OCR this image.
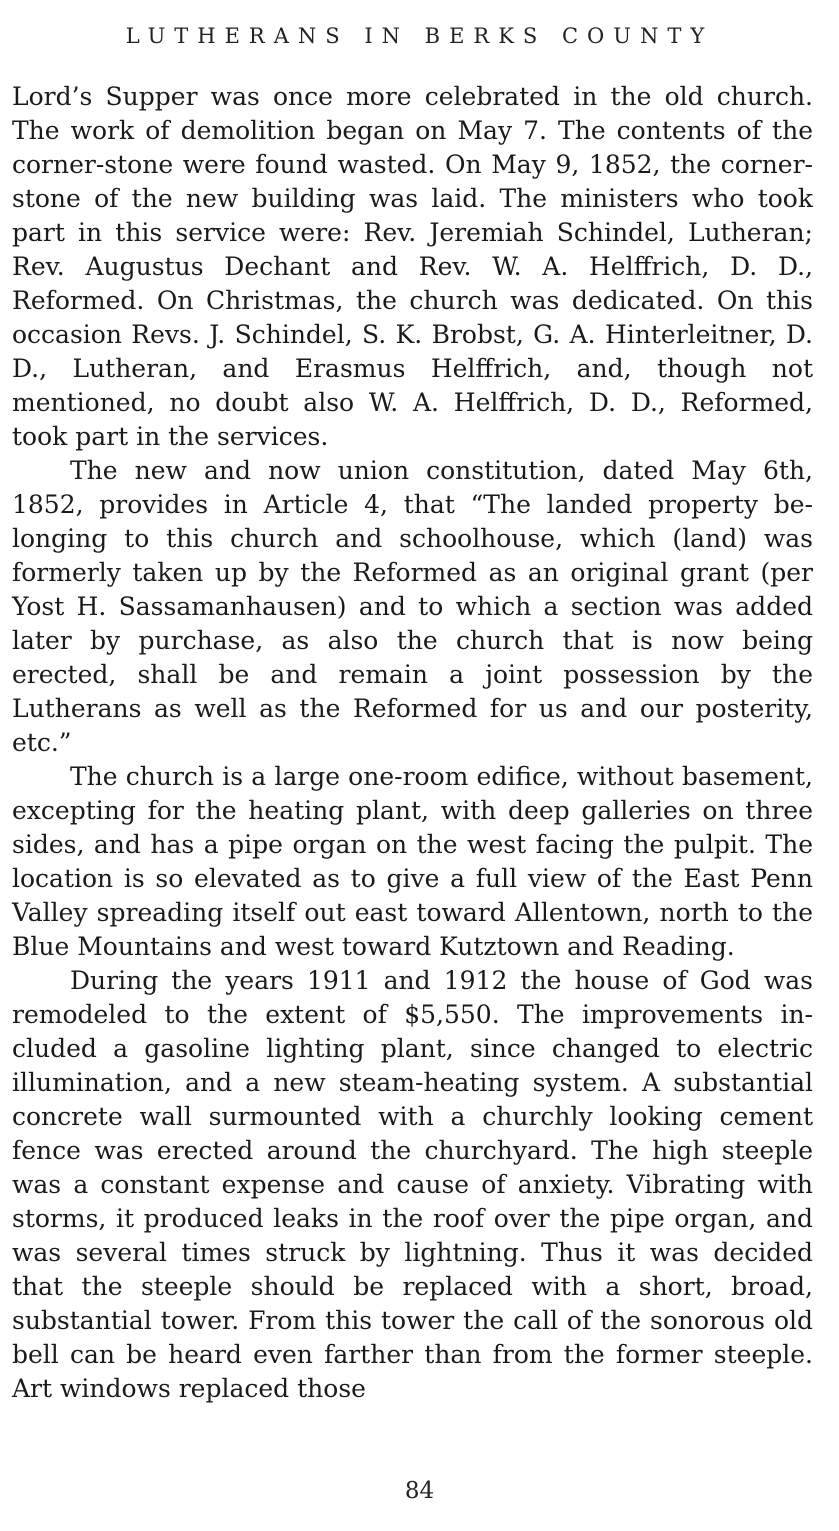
LUTHERANS IN BERKS COUNTY

Lord’s Supper was once more celebrated in the old church. The work of demolition began on May 7. The contents of the corner-stone were found wasted. On May 9, 1852, the corner-stone of the new building was laid. The ministers who took part in this service were: Rev. Jeremiah Schindel, Lutheran; Rev. Augustus Dechant and Rev. W. A. Helffrich, D. D., Reformed. On Christmas, the church was dedicated. On this occasion Revs. J. Schindel, S. K. Brobst, G. A. Hinterleitner, D. D., Lutheran, and Erasmus Helffrich, and, though not mentioned, no doubt also W. A. Helffrich, D. D., Reformed, took part in the services.

The new and now union constitution, dated May 6th, 1852, provides in Article 4, that “The landed property belonging to this church and schoolhouse, which (land) was formerly taken up by the Reformed as an original grant (per Yost H. Sassamanhausen) and to which a section was added later by purchase, as also the church that is now being erected, shall be and remain a joint possession by the Lutherans as well as the Reformed for us and our posterity, etc.”

The church is a large one-room edifice, without basement, excepting for the heating plant, with deep galleries on three sides, and has a pipe organ on the west facing the pulpit. The location is so elevated as to give a full view of the East Penn Valley spreading itself out east toward Allentown, north to the Blue Mountains and west toward Kutztown and Reading.

During the years 1911 and 1912 the house of God was remodeled to the extent of $5,550. The improvements included a gasoline lighting plant, since changed to electric illumination, and a new steam-heating system. A substantial concrete wall surmounted with a churchly looking cement fence was erected around the churchyard. The high steeple was a constant expense and cause of anxiety. Vibrating with storms, it produced leaks in the roof over the pipe organ, and was several times struck by lightning. Thus it was decided that the steeple should be replaced with a short, broad, substantial tower. From this tower the call of the sonorous old bell can be heard even farther than from the former steeple. Art windows replaced those

84
